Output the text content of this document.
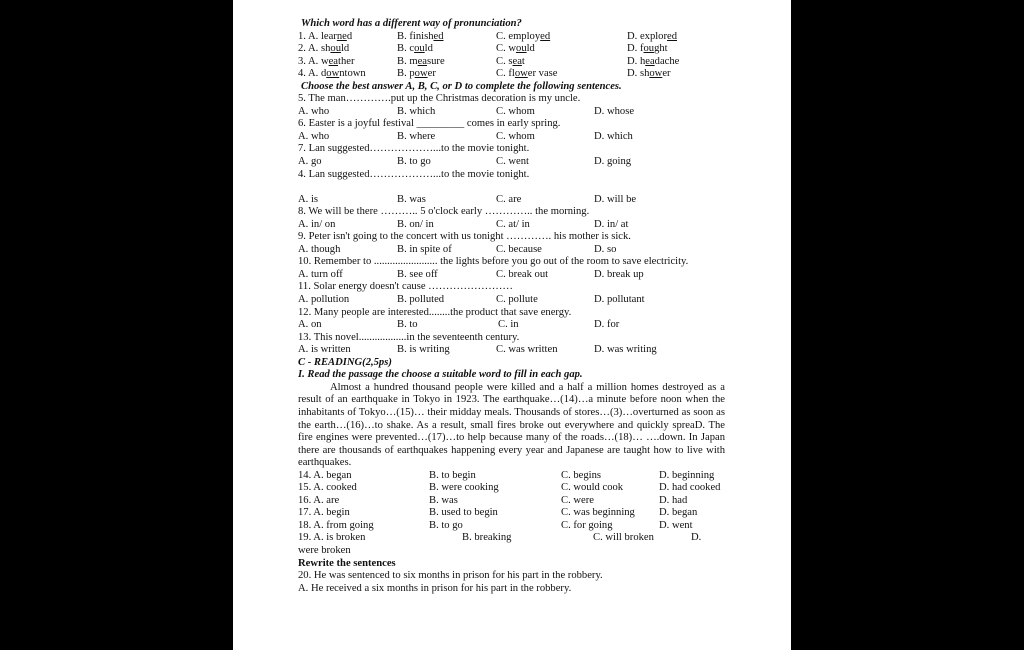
Which word has a different way of pronunciation?
1. A. learned	B. finished	C. employed	D. explored
2. A. should	B. could	C. would	D. fought
3. A. weather	B. measure	C. seat	D. headache
4. A. downtown	B. power	C. flower vase	D. shower
Choose the best answer A, B, C, or D to complete the following sentences.
5. The man………….put up the Christmas decoration is my uncle.
A. who	B. which	C. whom	D. whose
6. Easter is a joyful festival _________ comes in early spring.
A. who	B. where	C. whom	D. which
7. Lan suggested………………...to the movie tonight.
A. go	B. to go	C. went	D. going
4. Lan suggested………………...to the movie tonight.
A. is	B. was	C. are	D. will be
8. We will be there ……….. 5 o'clock early ………….. the morning.
A. in/ on	B. on/ in	C. at/ in	D. in/ at
9. Peter isn't going to the concert with us tonight …………. his mother is sick.
A. though	B. in spite of	C. because	D. so
10. Remember to ........................ the lights before you go out of the room to save electricity.
A. turn off	B. see off	C. break out	D. break up
11. Solar energy doesn't cause ……………………
A. pollution	B. polluted	C. pollute	D. pollutant
12. Many people are interested........the product that save energy.
A. on	B. to	C. in	D. for
13. This novel..................in the seventeenth century.
A. is written	B. is writing	C. was written	D. was writing
C - READING(2,5ps)
I. Read the passage the choose a suitable word to fill in each gap.
Almost a hundred thousand people were killed and a half a million homes destroyed as a result of an earthquake in Tokyo in 1923. The earthquake…(14)…a minute before noon when the inhabitants of Tokyo…(15)… their midday meals. Thousands of stores…(3)…overturned as soon as the earth…(16)…to shake. As a result, small fires broke out everywhere and quickly spreaD. The fire engines were prevented…(17)…to help because many of the roads…(18)… ….down. In Japan there are thousands of earthquakes happening every year and Japanese are taught how to live with earthquakes.
14. A. began	B. to begin	C. begins	D. beginning
15. A. cooked	B. were cooking	C. would cook	D. had cooked
16. A. are	B. was	C. were	D. had
17. A. begin	B. used to begin	C. was beginning D. began
18. A. from going	B. to go	C. for going	D. went
19. A. is broken	B. breaking	C. will broken	D.
were broken
Rewrite the sentences
20. He was sentenced to six months in prison for his part in the robbery.
A. He received a six months in prison for his part in the robbery.
